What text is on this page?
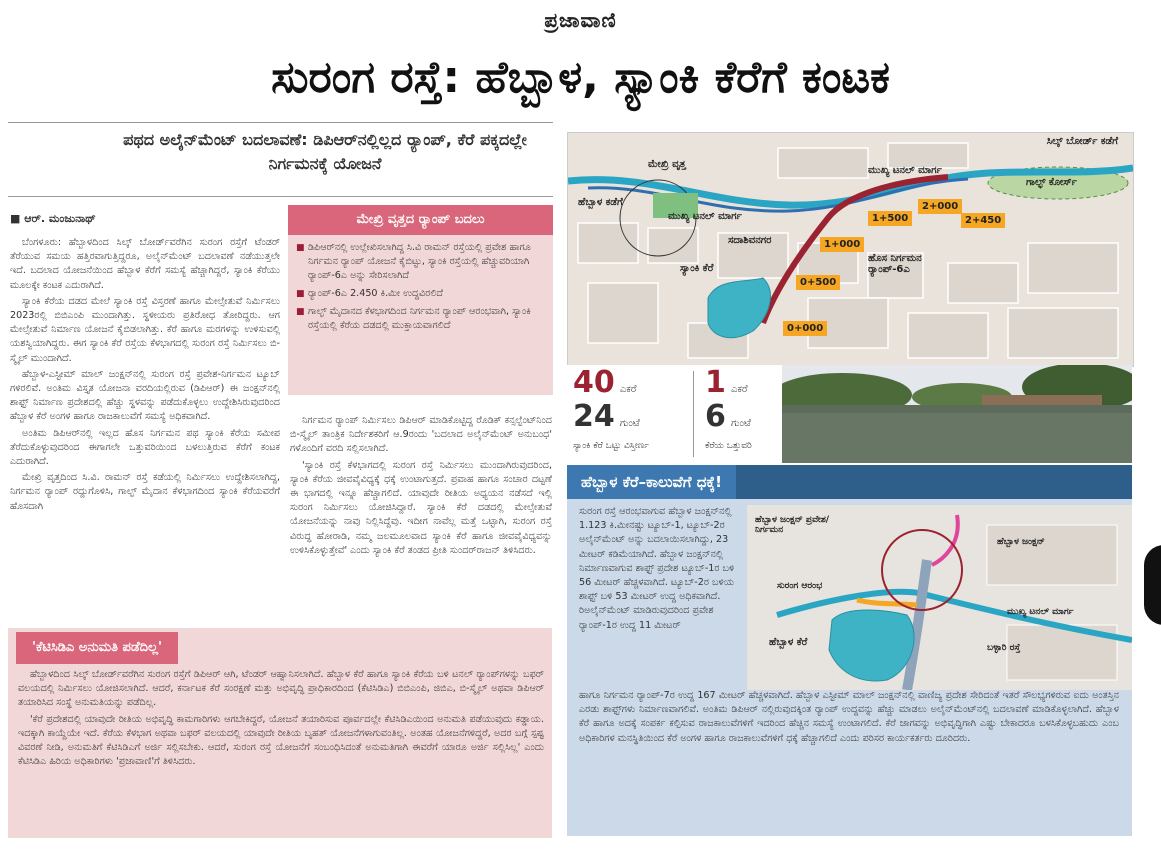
ಪ್ರಜಾವಾಣಿ
ಸುರಂಗ ರಸ್ತೆ: ಹೆಬ್ಬಾಳ, ಸ್ಯಾಂಕಿ ಕೆರೆಗೆ ಕಂಟಕ
ಪಥದ ಅಲೈನ್‌ಮೆಂಟ್ ಬದಲಾವಣೆ: ಡಿಪಿಆರ್‌ನಲ್ಲಿಲ್ಲದ ರ‍್ಯಾಂಪ್, ಕೆರೆ ಪಕ್ಕದಲ್ಲೇ ನಿರ್ಗಮನಕ್ಕೆ ಯೋಜನೆ
■ ಆರ್. ಮಂಜುನಾಥ್

ಬೆಂಗಳೂರು: ಹೆಬ್ಬಾಳದಿಂದ ಸಿಲ್ಕ್ ಬೋರ್ಡ್‌ವರೆಗಿನ ಸುರಂಗ ರಸ್ತೆಗೆ ಟೆಂಡರ್ ತೆರೆಯುವ ಸಮಯ ಹತ್ತಿರವಾಗುತ್ತಿದ್ದರೂ, ಅಲೈನ್‌ಮೆಂಟ್ ಬದಲಾವಣೆ ನಡೆಯುತ್ತಲೇ ಇದೆ. ಬದಲಾದ ಯೋಜನೆಯಿಂದ ಹೆಬ್ಬಾಳ ಕೆರೆಗೆ ಸಮಸ್ಯೆ ಹೆಚ್ಚಾಗಿದ್ದರೆ, ಸ್ಯಾಂಕಿ ಕೆರೆಯು ಮೂಲಕ್ಕೇ ಕಂಟಕ ಎದುರಾಗಿದೆ.

ಸ್ಯಾಂಕಿ ಕೆರೆಯ ದಡದ ಮೇಲೆ ಸ್ಯಾಂಕಿ ರಸ್ತೆ ವಿಸ್ತರಣೆ ಹಾಗೂ ಮೇಲ್ಸೇತುವೆ ನಿರ್ಮಿಸಲು 2023ರಲ್ಲಿ ಬಿಬಿಎಂಪಿ ಮುಂದಾಗಿತ್ತು. ಸ್ಥಳೀಯರು ಪ್ರತಿರೋಧ ತೋರಿದ್ದರು. ಆಗ ಮೇಲ್ಸೇತುವೆ ನಿರ್ಮಾಣ ಯೋಜನೆ ಕೈಬಿಡಲಾಗಿತ್ತು. ಕೆರೆ ಹಾಗೂ ಮರಗಳನ್ನು ಉಳಿಸುವಲ್ಲಿ ಯಶಸ್ವಿಯಾಗಿದ್ದರು. ಈಗ ಸ್ಯಾಂಕಿ ಕೆರೆ ರಸ್ತೆಯ ಕೆಳಭಾಗದಲ್ಲಿ ಸುರಂಗ ರಸ್ತೆ ನಿರ್ಮಿಸಲು ಬಿ-ಸ್ಮೈಲ್ ಮುಂದಾಗಿದೆ.

ಹೆಬ್ಬಾಳ-ಎಸ್ಟೀಮ್ ಮಾಲ್ ಜಂಕ್ಷನ್‌ನಲ್ಲಿ ಸುರಂಗ ರಸ್ತೆ ಪ್ರವೇಶ-ನಿರ್ಗಮನ ಟ್ಯೂಬ್ ಗಳಿರಲಿವೆ. ಅಂತಿಮ ವಿಸ್ತೃತ ಯೋಜನಾ ವರದಿಯಲ್ಲಿರುವ (ಡಿಪಿಆರ್) ಈ ಜಂಕ್ಷನ್‌ನಲ್ಲಿ ಶಾಫ್ಟ್ ನಿರ್ಮಾಣ ಪ್ರದೇಶದಲ್ಲಿ ಹೆಚ್ಚು ಸ್ಥಳವನ್ನು ಪಡೆದುಕೊಳ್ಳಲು ಉದ್ದೇಶಿಸಿರುವುದರಿಂದ ಹೆಬ್ಬಾಳ ಕೆರೆ ಅಂಗಳ ಹಾಗೂ ರಾಜಕಾಲುವೆಗೆ ಸಮಸ್ಯೆ ಅಧಿಕವಾಗಿದೆ.

ಅಂತಿಮ ಡಿಪಿಆರ್‌ನಲ್ಲಿ ಇಲ್ಲದ ಹೊಸ ನಿರ್ಗಮನ ಪಥ ಸ್ಯಾಂಕಿ ಕೆರೆಯ ಸಮೀಪ ತೆರೆದುಕೊಳ್ಳುವುದರಿಂದ ಈಗಾಗಲೇ ಒತ್ತುವರಿಯಿಂದ ಬಳಲುತ್ತಿರುವ ಕೆರೆಗೆ ಕಂಟಕ ಎದುರಾಗಿದೆ.

ಮೇಖ್ರಿ ವೃತ್ತದಿಂದ ಸಿ.ವಿ. ರಾಮನ್ ರಸ್ತೆ ಕಡೆಯಲ್ಲಿ ನಿರ್ಮಿಸಲು ಉದ್ದೇಶಿಸಲಾಗಿದ್ದ, ನಿರ್ಗಮನ ರ‍್ಯಾಂಪ್ ರದ್ದುಗೊಳಿಸಿ, ಗಾಲ್ಫ್ ಮೈದಾನ ಕೆಳಭಾಗದಿಂದ ಸ್ಯಾಂಕಿ ಕೆರೆಯವರೆಗೆ ಹೊಸದಾಗಿ

ಮೇಖ್ರಿ ವೃತ್ತದ ರ‍್ಯಾಂಪ್ ಬದಲು
■ ಡಿಪಿಆರ್‌ನಲ್ಲಿ ಉಲ್ಲೇಖಿಸಲಾಗಿದ್ದ ಸಿ.ವಿ ರಾಮನ್ ರಸ್ತೆಯಲ್ಲಿ ಪ್ರವೇಶ ಹಾಗೂ ನಿರ್ಗಮನ ರ‍್ಯಾಂಪ್ ಯೋಜನೆ ಕೈಬಿಟ್ಟು, ಸ್ಯಾಂಕಿ ರಸ್ತೆಯಲ್ಲಿ ಹೆಚ್ಚುವರಿಯಾಗಿ ರ‍್ಯಾಂಪ್-6ಎ ಅನ್ನು ಸೇರಿಸಲಾಗಿದೆ
■ ರ‍್ಯಾಂಪ್-6ಎ 2.450 ಕಿ.ಮೀ ಉದ್ದವಿರಲಿದೆ
■ ಗಾಲ್ಫ್ ಮೈದಾನದ ಕೆಳಭಾಗದಿಂದ ನಿರ್ಗಮನ ರ‍್ಯಾಂಪ್ ಆರಂಭವಾಗಿ, ಸ್ಯಾಂಕಿ ರಸ್ತೆಯಲ್ಲಿ ಕೆರೆಯ ದಡದಲ್ಲಿ ಮುಕ್ತಾಯವಾಗಲಿದೆ

ನಿರ್ಗಮನ ರ‍್ಯಾಂಪ್ ನಿರ್ಮಿಸಲು ಡಿಪಿಆರ್ ಮಾಡಿಕೊಟ್ಟಿದ್ದ ರೊಡಿಕ್ ಕನ್ಸಲ್ಟೆಂಟ್‌ನಿಂದ ಬಿ-ಸ್ಮೈಲ್ ತಾಂತ್ರಿಕ ನಿರ್ದೇಶಕರಿಗೆ ಆ.9ರಂದು 'ಬದಲಾದ ಅಲೈನ್‌ಮೆಂಟ್ ಅನುಬಂಧ' ಗಳೊಂದಿಗೆ ವರದಿ ಸಲ್ಲಿಸಲಾಗಿದೆ.

'ಸ್ಯಾಂಕಿ ರಸ್ತೆ ಕೆಳಭಾಗದಲ್ಲಿ ಸುರಂಗ ರಸ್ತೆ ನಿರ್ಮಿಸಲು ಮುಂದಾಗಿರುವುದರಿಂದ, ಸ್ಯಾಂಕಿ ಕೆರೆಯ ಜೀವವೈವಿಧ್ಯಕ್ಕೆ ಧಕ್ಕೆ ಉಂಟಾಗುತ್ತದೆ. ಪ್ರವಾಹ ಹಾಗೂ ಸಂಚಾರ ದಟ್ಟಣೆ ಈ ಭಾಗದಲ್ಲಿ ಇನ್ನೂ ಹೆಚ್ಚಾಗಲಿದೆ. ಯಾವುದೇ ರೀತಿಯ ಅಧ್ಯಯನ ನಡೆಸದೆ ಇಲ್ಲಿ ಸುರಂಗ ನಿರ್ಮಿಸಲು ಯೋಜಿಸಿದ್ದಾರೆ. ಸ್ಯಾಂಕಿ ಕೆರೆ ದಡದಲ್ಲಿ ಮೇಲ್ಸೇತುವೆ ಯೋಜನೆಯನ್ನು ನಾವು ನಿಲ್ಲಿಸಿದ್ದೆವು. ಇದೀಗ ನಾವೆಲ್ಲ ಮತ್ತೆ ಒಟ್ಟಾಗಿ, ಸುರಂಗ ರಸ್ತೆ ವಿರುದ್ಧ ಹೋರಾಡಿ, ನಮ್ಮ ಜಲಮೂಲವಾದ ಸ್ಯಾಂಕಿ ಕೆರೆ ಹಾಗೂ ಜೀವವೈವಿಧ್ಯವನ್ನು ಉಳಿಸಿಕೊಳ್ಳುತ್ತೇವೆ' ಎಂದು ಸ್ಯಾಂಕಿ ಕೆರೆ ತಂಡದ ಪ್ರೀತಿ ಸುಂದರ್‌ರಾಜನ್ ತಿಳಿಸಿದರು.

'ಕೆಟಿಸಿಡಿಎ ಅನುಮತಿ ಪಡೆದಿಲ್ಲ'

ಹೆಬ್ಬಾಳದಿಂದ ಸಿಲ್ಕ್ ಬೋರ್ಡ್‌ವರೆಗಿನ ಸುರಂಗ ರಸ್ತೆಗೆ ಡಿಪಿಆರ್ ಆಗಿ, ಟೆಂಡರ್ ಆಹ್ವಾನಿಸಲಾಗಿದೆ. ಹೆಬ್ಬಾಳ ಕೆರೆ ಹಾಗೂ ಸ್ಯಾಂಕಿ ಕೆರೆಯ ಬಳಿ ಟನಲ್ ರ‍್ಯಾಂಪ್‌ಗಳನ್ನು ಬಫರ್ ವಲಯದಲ್ಲಿ ನಿರ್ಮಿಸಲು ಯೋಜಿಸಲಾಗಿದೆ. ಆದರೆ, ಕರ್ನಾಟಕ ಕೆರೆ ಸಂರಕ್ಷಣೆ ಮತ್ತು ಅಭಿವೃದ್ಧಿ ಪ್ರಾಧಿಕಾರದಿಂದ (ಕೆಟಿಸಿಡಿಎ) ಬಿಬಿಎಂಪಿ, ಜಿಬಿಎ, ಬಿ-ಸ್ಮೈಲ್ ಅಥವಾ ಡಿಪಿಆರ್ ತಯಾರಿಸಿದ ಸಂಸ್ಥೆ ಅನುಮತಿಯನ್ನು ಪಡೆದಿಲ್ಲ.

'ಕೆರೆ ಪ್ರದೇಶದಲ್ಲಿ ಯಾವುದೇ ರೀತಿಯ ಅಭಿವೃದ್ಧಿ ಕಾಮಗಾರಿಗಳು ಆಗಬೇಕಿದ್ದರೆ, ಯೋಜನೆ ತಯಾರಿಸುವ ಪೂರ್ವದಲ್ಲೇ ಕೆಟಿಸಿಡಿಎಯಿಂದ ಅನುಮತಿ ಪಡೆಯುವುದು ಕಡ್ಡಾಯ. ಇದಕ್ಕಾಗಿ ಕಾಯ್ದೆಯೇ ಇದೆ. ಕೆರೆಯ ಕೆಳಭಾಗ ಅಥವಾ ಬಫರ್ ವಲಯದಲ್ಲಿ ಯಾವುದೇ ರೀತಿಯ ಬೃಹತ್ ಯೋಜನೆಗಳಾಗುವಂತಿಲ್ಲ. ಅಂತಹ ಯೋಜನೆಗಳಿದ್ದರೆ, ಅದರ ಬಗ್ಗೆ ಸ್ಪಷ್ಟ ವಿವರಣೆ ನೀಡಿ, ಅನುಮತಿಗೆ ಕೆಟಿಸಿಡಿಎಗೆ ಅರ್ಜಿ ಸಲ್ಲಿಸಬೇಕು. ಆದರೆ, ಸುರಂಗ ರಸ್ತೆ ಯೋಜನೆಗೆ ಸಂಬಂಧಿಸಿದಂತೆ ಅನುಮತಿಗಾಗಿ ಈವರೆಗೆ ಯಾರೂ ಅರ್ಜಿ ಸಲ್ಲಿಸಿಲ್ಲ' ಎಂದು ಕೆಟಿಸಿಡಿಎ ಹಿರಿಯ ಅಧಿಕಾರಿಗಳು 'ಪ್ರಜಾವಾಣಿ'ಗೆ ತಿಳಿಸಿದರು.

ಮೇಖ್ರಿ ವೃತ್ತ
ಹೆಬ್ಬಾಳ ಕಡೆಗೆ
ಸಿಲ್ಕ್ ಬೋರ್ಡ್ ಕಡೆಗೆ
ಮುಖ್ಯ ಟನಲ್ ಮಾರ್ಗ
ಮುಖ್ಯ ಟನಲ್ ಮಾರ್ಗ
ಗಾಲ್ಫ್ ಕೋರ್ಸ್
ಸದಾಶಿವನಗರ
ಸ್ಯಾಂಕಿ ಕೆರೆ
ಹೊಸ ನಿರ್ಗಮನ ರ‍್ಯಾಂಪ್-6ಎ
0+000
0+500
1+000
1+500
2+000
2+450
40 ಎಕರೆ
24 ಗುಂಟೆ
ಸ್ಯಾಂಕಿ ಕೆರೆ ಒಟ್ಟು ವಿಸ್ತೀರ್ಣ
1 ಎಕರೆ
6 ಗುಂಟೆ
ಕೆರೆಯ ಒತ್ತುವರಿ
ಹೆಬ್ಬಾಳ ಕೆರೆ–ಕಾಲುವೆಗೆ ಧಕ್ಕೆ!
ಸುರಂಗ ರಸ್ತೆ ಆರಂಭವಾಗುವ ಹೆಬ್ಬಾಳ ಜಂಕ್ಷನ್‌ನಲ್ಲಿ 1.123 ಕಿ.ಮೀನಷ್ಟು ಟ್ಯೂಬ್-1, ಟ್ಯೂಬ್-2ರ ಅಲೈನ್‌ಮೆಂಟ್ ಅನ್ನು ಬದಲಾಯಿಸಲಾಗಿದ್ದು, 23 ಮೀಟರ್ ಕಡಿಮೆಯಾಗಿದೆ. ಹೆಬ್ಬಾಳ ಜಂಕ್ಷನ್‌ನಲ್ಲಿ ನಿರ್ಮಾಣವಾಗುವ ಶಾಫ್ಟ್ ಪ್ರದೇಶ ಟ್ಯೂಬ್-1ರ ಬಳಿ 56 ಮೀಟರ್ ಹೆಚ್ಚಳವಾಗಿದೆ. ಟ್ಯೂಬ್-2ರ ಬಳಿಯ ಶಾಫ್ಟ್ ಬಳಿ 53 ಮೀಟರ್ ಉದ್ದ ಅಧಿಕವಾಗಿದೆ. ರಿಅಲೈನ್‌ಮೆಂಟ್ ಮಾಡಿರುವುದರಿಂದ ಪ್ರವೇಶ ರ‍್ಯಾಂಪ್-1ರ ಉದ್ದ 11 ಮೀಟರ್
ಹೆಬ್ಬಾಳ ಜಂಕ್ಷನ್ ಪ್ರವೇಶ/ನಿರ್ಗಮನ
ಹೆಬ್ಬಾಳ ಜಂಕ್ಷನ್
ಸುರಂಗ ಆರಂಭ
ಹೆಬ್ಬಾಳ ಕೆರೆ
ಮುಖ್ಯ ಟನಲ್ ಮಾರ್ಗ
ಬಳ್ಳಾರಿ ರಸ್ತೆ
ಹಾಗೂ ನಿರ್ಗಮನ ರ‍್ಯಾಂಪ್-7ರ ಉದ್ದ 167 ಮೀಟರ್ ಹೆಚ್ಚಳವಾಗಿದೆ. ಹೆಬ್ಬಾಳ ಎಸ್ಟೀಮ್ ಮಾಲ್ ಜಂಕ್ಷನ್‌ನಲ್ಲಿ ವಾಣಿಜ್ಯ ಪ್ರದೇಶ ಸೇರಿದಂತೆ ಇತರೆ ಸೌಲಭ್ಯಗಳಿರುವ ಐದು ಅಂತಸ್ತಿನ ಎರಡು ಶಾಫ್ಟ್‌ಗಳು ನಿರ್ಮಾಣವಾಗಲಿವೆ. ಅಂತಿಮ ಡಿಪಿಆರ್ ನಲ್ಲಿರುವುದಕ್ಕಿಂತ ರ‍್ಯಾಂಪ್ ಉದ್ದವನ್ನು ಹೆಚ್ಚು ಮಾಡಲು ಅಲೈನ್‌ಮೆಂಟ್‌ನಲ್ಲಿ ಬದಲಾವಣೆ ಮಾಡಿಕೊಳ್ಳಲಾಗಿದೆ. ಹೆಬ್ಬಾಳ ಕೆರೆ ಹಾಗೂ ಅದಕ್ಕೆ ಸಂಪರ್ಕ ಕಲ್ಪಿಸುವ ರಾಜಕಾಲುವೆಗಳಿಗೆ ಇದರಿಂದ ಹೆಚ್ಚಿನ ಸಮಸ್ಯೆ ಉಂಟಾಗಲಿದೆ. ಕೆರೆ ಜಾಗವನ್ನು ಅಭಿವೃದ್ಧಿಗಾಗಿ ಎಷ್ಟು ಬೇಕಾದರೂ ಬಳಸಿಕೊಳ್ಳಬಹುದು ಎಂಬ ಅಧಿಕಾರಿಗಳ ಮನಸ್ಥಿತಿಯಿಂದ ಕೆರೆ ಅಂಗಳ ಹಾಗೂ ರಾಜಕಾಲುವೆಗಳಿಗೆ ಧಕ್ಕೆ ಹೆಚ್ಚಾಗಲಿದೆ ಎಂದು ಪರಿಸರ ಕಾರ್ಯಕರ್ತರು ದೂರಿದರು.
